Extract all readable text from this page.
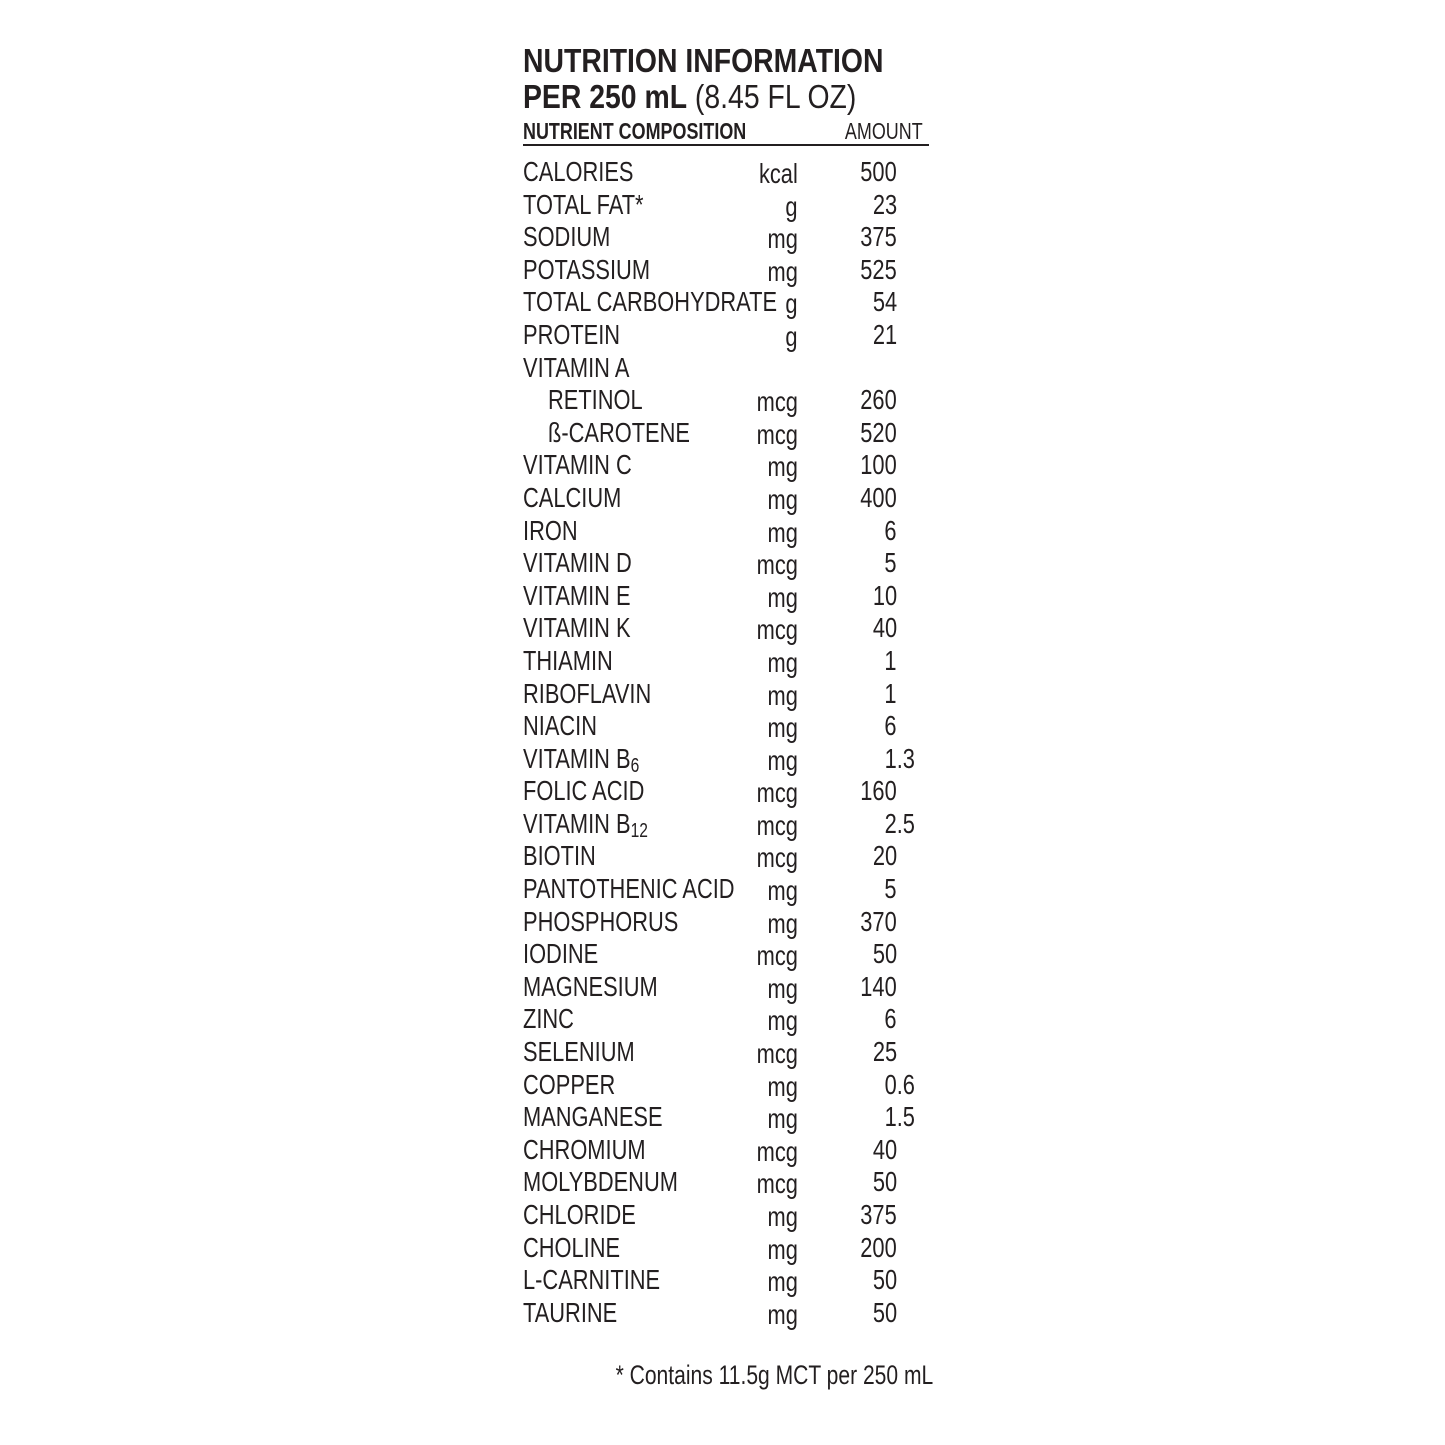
NUTRITION INFORMATION
PER 250 mL (8.45 FL OZ)
NUTRIENT COMPOSITION	AMOUNT
CALORIES	kcal 500
TOTAL FAT*	g	23
SODIUM	mg 375
POTASSIUM	mg 525
TOTAL CARBOHYDRATE g	54
PROTEIN	g	21
VITAMIN A
RETINOL	mcg 260
ß-CAROTENE mcg 520
VITAMIN C	mg 100
CALCIUM	mg 400
IRON	mg	6
VITAMIN D	mcg	5
VITAMIN E	mg	10
VITAMIN K	mcg	40
THIAMIN	mg	1
RIBOFLAVIN	mg	1
NIACIN	mg	6
VITAMIN $B_6$	mg	1.3
FOLIC ACID	mcg 160
VITAMIN $B_{12}$	mcg	2.5
BIOTIN	mcg	20
PANTOTHENIC ACID mg	5
PHOSPHORUS	mg 370
IODINE	mcg	50
MAGNESIUM	mg 140
ZINC	mg	6
SELENIUM	mcg	25
COPPER	mg	0.6
MANGANESE	mg	1.5
CHROMIUM	mcg	40
MOLYBDENUM	mcg	50
CHLORIDE	mg 375
CHOLINE	mg 200
L-CARNITINE	mg	50
TAURINE	mg	50
* Contains 11.5g MCT per 250 mL
